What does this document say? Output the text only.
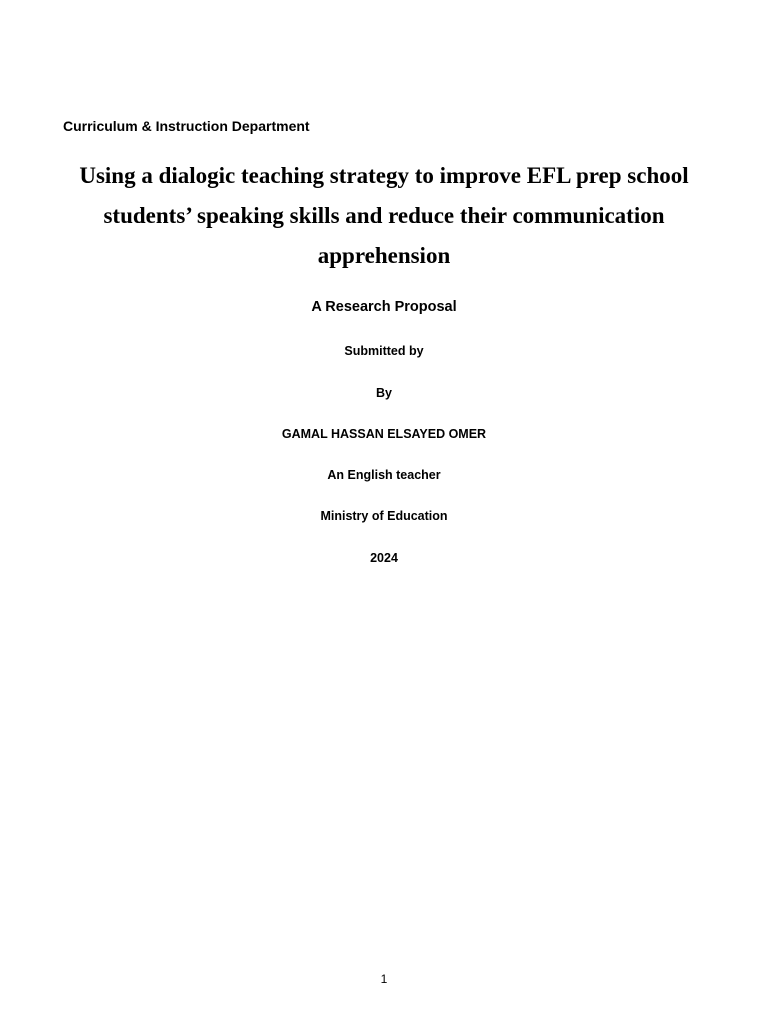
Curriculum & Instruction Department
Using a dialogic teaching strategy to improve EFL prep school
students’ speaking skills and reduce their communication
apprehension
A Research Proposal
Submitted by
By
GAMAL HASSAN ELSAYED OMER
An English teacher
Ministry of Education
2024
1
